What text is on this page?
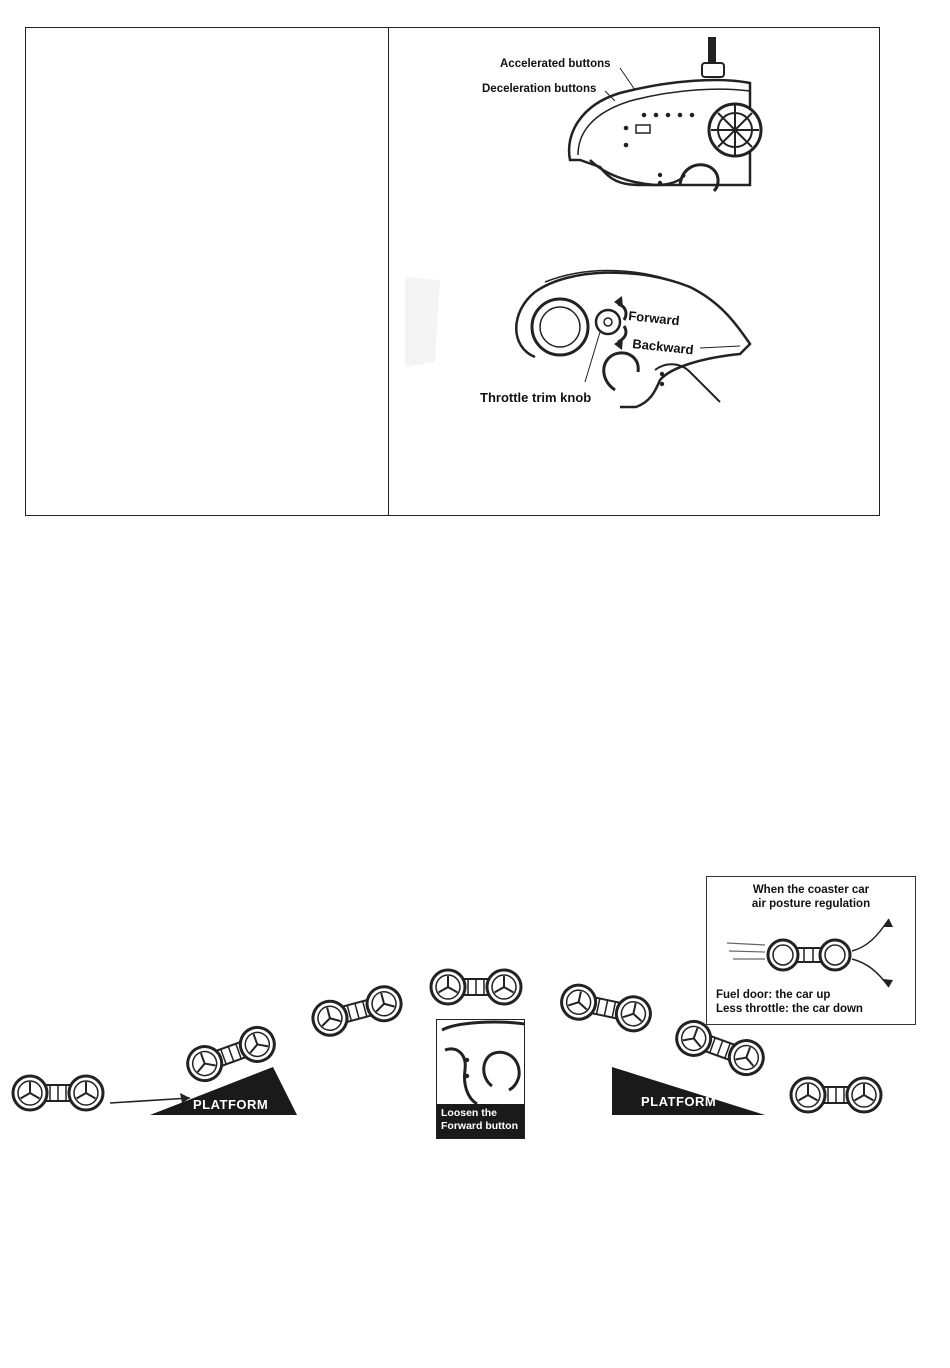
Accelerated buttons
Deceleration buttons
Forward
Backward
Throttle trim knob
PLATFORM	PLATFORM
Loosen the
Forward button
When the coaster car
air posture regulation
Fuel door: the car up
Less throttle: the car down
